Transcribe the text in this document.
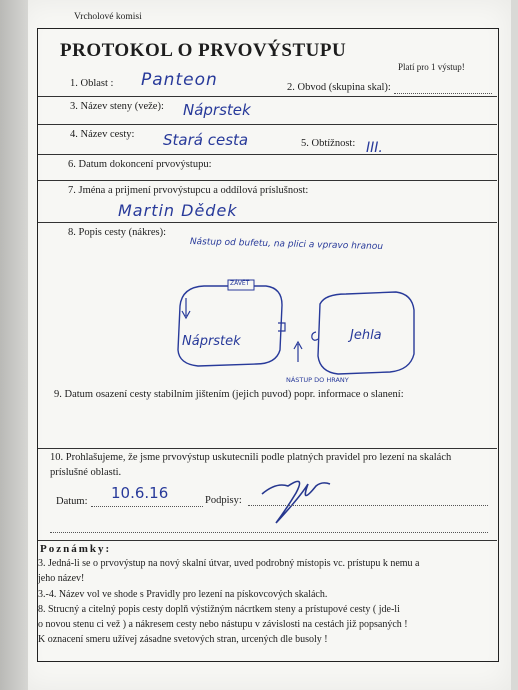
Vrcholové komisi
PROTOKOL O PRVOVÝSTUPU
Platí pro 1 výstup!
1. Oblast : Panteon	2. Obvod (skupina skal):
3. Název steny (veže): Náprstek
4. Název cesty: Stará cesta	5. Obtížnost: III.
6. Datum dokoncení prvovýstupu:
7. Jména a prijmení prvovýstupcu a oddílová príslušnost:
Martin Dědek
8. Popis cesty (nákres):
Nástup od bufetu, na plici a vpravo hranou
ZÁVĚŤ
Náprstek	Jehla
NÁSTUP DO HRANY
9. Datum osazení cesty stabilním jištením (jejich puvod) popr. informace o slanení:
10. Prohlašujeme, že jsme prvovýstup uskutecnili podle platných pravidel pro lezení na skalách
príslušné oblasti.
Datum: 10.6.16	Podpisy:
Poznámky:
3. Jedná-li se o prvovýstup na nový skalní útvar, uved podrobný místopis vc. prístupu k nemu a
jeho název!
3.-4. Název vol ve shode s Pravidly pro lezení na pískovcových skalách.
8. Strucný a citelný popis cesty doplň výstižným nácrtkem steny a prístupové cesty ( jde-li
o novou stenu ci vež ) a nákresem cesty nebo nástupu v závislosti na cestách již popsaných !
K oznacení smeru užívej zásadne svetových stran, urcených dle busoly !
